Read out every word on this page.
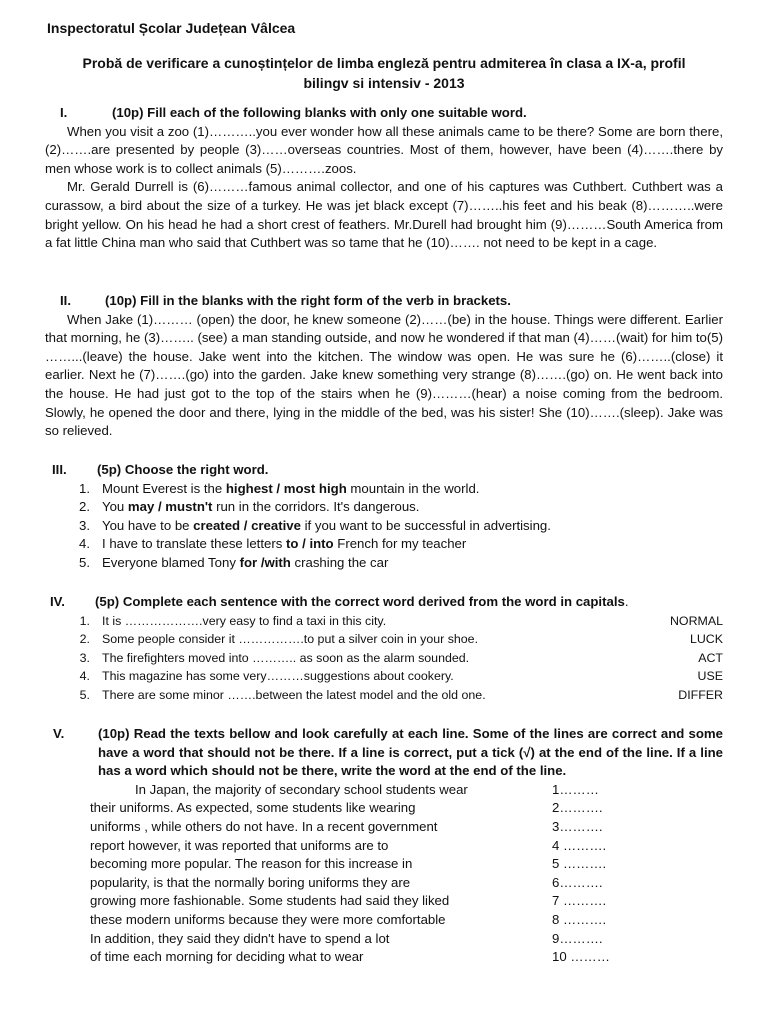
Inspectoratul Școlar Județean Vâlcea
Probă de verificare a cunoștințelor de limba engleză pentru admiterea în clasa a IX-a, profil bilingv si intensiv - 2013
I.	(10p) Fill each of the following blanks with only one suitable word.

When you visit a zoo (1)………..you ever wonder how all these animals came to be there? Some are born there, (2)…….are presented by people (3)……overseas countries. Most of them, however, have been (4)…….there by men whose work is to collect animals (5)……….zoos.

Mr. Gerald Durrell is (6)………famous animal collector, and one of his captures was Cuthbert. Cuthbert was a curassow, a bird about the size of a turkey. He was jet black except (7)……..his feet and his beak (8)………..were bright yellow. On his head he had a short crest of feathers. Mr.Durell had brought him (9)………South America from a fat little China man who said that Cuthbert was so tame that he (10)……. not need to be kept in a cage.

II.	(10p) Fill in the blanks with the right form of the verb in brackets.

When Jake (1)……… (open) the door, he knew someone (2)……(be) in the house. Things were different. Earlier that morning, he (3)…….. (see) a man standing outside, and now he wondered if that man (4)……(wait) for him to(5) ……...(leave) the house. Jake went into the kitchen. The window was open. He was sure he (6)……..(close) it earlier. Next he (7)…….(go) into the garden. Jake knew something very strange (8)…….(go) on. He went back into the house. He had just got to the top of the stairs when he (9)………(hear) a noise coming from the bedroom. Slowly, he opened the door and there, lying in the middle of the bed, was his sister! She (10)…….(sleep). Jake was so relieved.

III.	(5p) Choose the right word.
1. Mount Everest is the highest / most high mountain in the world.
2. You may / mustn't run in the corridors. It's dangerous.
3. You have to be created / creative if you want to be successful in advertising.
4. I have to translate these letters to / into French for my teacher
5. Everyone blamed Tony for /with crashing the car
IV.	(5p) Complete each sentence with the correct word derived from the word in capitals.
1. It is ……………….very easy to find a taxi in this city.	NORMAL
2. Some people consider it …………….to put a silver coin in your shoe.	LUCK
3. The firefighters moved into ……….. as soon as the alarm sounded.	ACT
4. This magazine has some very………suggestions about cookery.	USE
5. There are some minor …….between the latest model and the old one.	DIFFER
V.	(10p) Read the texts bellow and look carefully at each line. Some of the lines are correct and some have a word that should not be there. If a line is correct, put a tick (√) at the end of the line. If a line has a word which should not be there, write the word at the end of the line.
In Japan, the majority of secondary school students wear	1………
their uniforms. As expected, some students like wearing	2……….
uniforms , while others do not have. In a recent government	3……….
report however, it was reported that uniforms are to	4 ……….
becoming more popular. The reason for this increase in	5 ……….
popularity, is that the normally boring uniforms they are	6……….
growing more fashionable. Some students had said they liked	7 ……….
these modern uniforms because they were more comfortable	8 ……….
In addition, they said they didn't have to spend a lot	9……….
of time each morning for deciding what to wear	10 ………
